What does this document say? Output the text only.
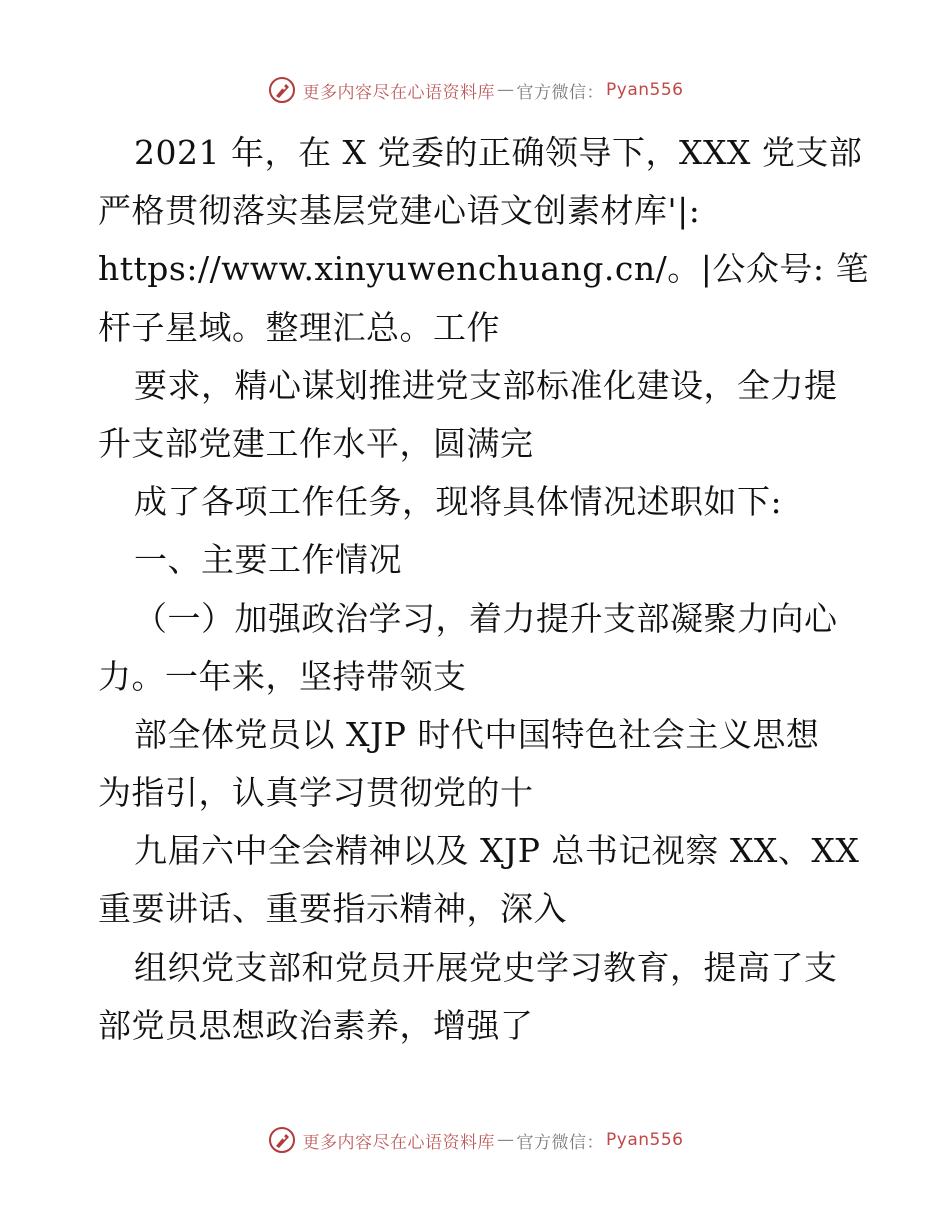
更多内容尽在心语资料库 — 官方微信： Pyan556
2021 年，在 X 党委的正确领导下，XXX 党支部
严格贯彻落实基层党建心语文创素材库'|:
https://www.xinyuwenchuang.cn/。|公众号: 笔
杆子星域。整理汇总。工作
要求，精心谋划推进党支部标准化建设，全力提
升支部党建工作水平，圆满完
成了各项工作任务，现将具体情况述职如下:
一、主要工作情况
（一）加强政治学习，着力提升支部凝聚力向心
力。一年来，坚持带领支
部全体党员以 XJP 时代中国特色社会主义思想
为指引，认真学习贯彻党的十
九届六中全会精神以及 XJP 总书记视察 XX、XX
重要讲话、重要指示精神，深入
组织党支部和党员开展党史学习教育，提高了支
部党员思想政治素养，增强了
更多内容尽在心语资料库 — 官方微信： Pyan556
